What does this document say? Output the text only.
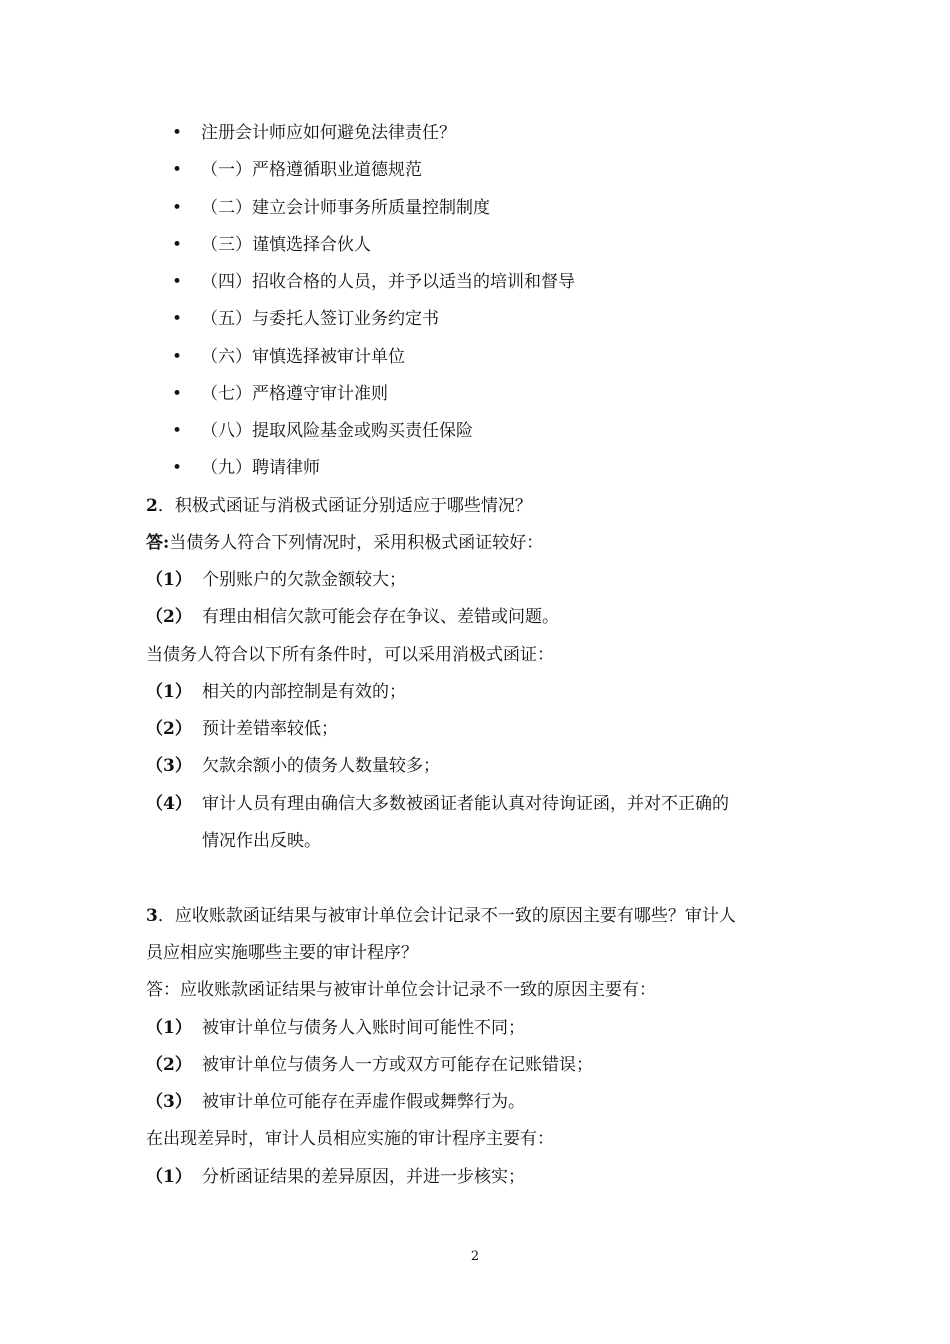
• 注册会计师应如何避免法律责任？
• （一）严格遵循职业道德规范
• （二）建立会计师事务所质量控制制度
• （三）谨慎选择合伙人
• （四）招收合格的人员，并予以适当的培训和督导
• （五）与委托人签订业务约定书
• （六）审慎选择被审计单位
• （七）严格遵守审计准则
• （八）提取风险基金或购买责任保险
• （九）聘请律师
2．积极式函证与消极式函证分别适应于哪些情况？
答:当债务人符合下列情况时，采用积极式函证较好：
（1） 个别账户的欠款金额较大；
（2） 有理由相信欠款可能会存在争议、差错或问题。
当债务人符合以下所有条件时，可以采用消极式函证：
（1） 相关的内部控制是有效的；
（2） 预计差错率较低；
（3） 欠款余额小的债务人数量较多；
（4） 审计人员有理由确信大多数被函证者能认真对待询证函，并对不正确的
情况作出反映。
3．应收账款函证结果与被审计单位会计记录不一致的原因主要有哪些？审计人
员应相应实施哪些主要的审计程序？
答：应收账款函证结果与被审计单位会计记录不一致的原因主要有：
（1） 被审计单位与债务人入账时间可能性不同；
（2） 被审计单位与债务人一方或双方可能存在记账错误；
（3） 被审计单位可能存在弄虚作假或舞弊行为。
在出现差异时，审计人员相应实施的审计程序主要有：
（1） 分析函证结果的差异原因，并进一步核实；
2
